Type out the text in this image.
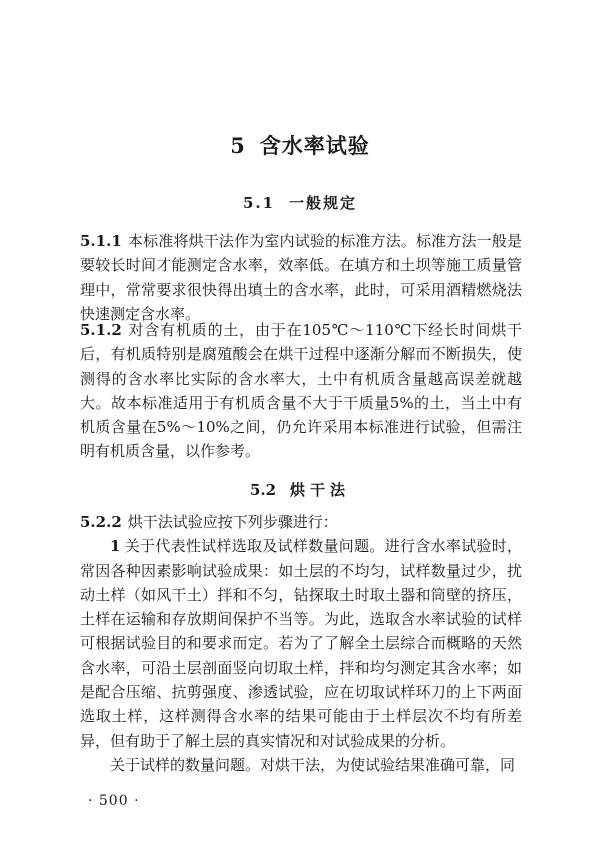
5 含水率试验
5.1 一般规定
5.1.1 本标准将烘干法作为室内试验的标准方法。标准方法一般是要较长时间才能测定含水率，效率低。在填方和土坝等施工质量管理中，常常要求很快得出填土的含水率，此时，可采用酒精燃烧法快速测定含水率。
5.1.2 对含有机质的土，由于在105℃～110℃下经长时间烘干后，有机质特别是腐殖酸会在烘干过程中逐渐分解而不断损失，使测得的含水率比实际的含水率大，土中有机质含量越高误差就越大。故本标准适用于有机质含量不大于干质量5%的土，当土中有机质含量在5%～10%之间，仍允许采用本标准进行试验，但需注明有机质含量，以作参考。
5.2 烘干法
5.2.2 烘干法试验应按下列步骤进行：
1 关于代表性试样选取及试样数量问题。进行含水率试验时，常因各种因素影响试验成果：如土层的不均匀，试样数量过少，扰动土样（如风干土）拌和不匀，钻探取土时取土器和筒壁的挤压，土样在运输和存放期间保护不当等。为此，选取含水率试验的试样可根据试验目的和要求而定。若为了了解全土层综合而概略的天然含水率，可沿土层剖面竖向切取土样，拌和均匀测定其含水率；如是配合压缩、抗剪强度、渗透试验，应在切取试样环刀的上下两面选取土样，这样测得含水率的结果可能由于土样层次不均有所差异，但有助于了解土层的真实情况和对试验成果的分析。
关于试样的数量问题。对烘干法，为使试验结果准确可靠，同
· 500 ·
